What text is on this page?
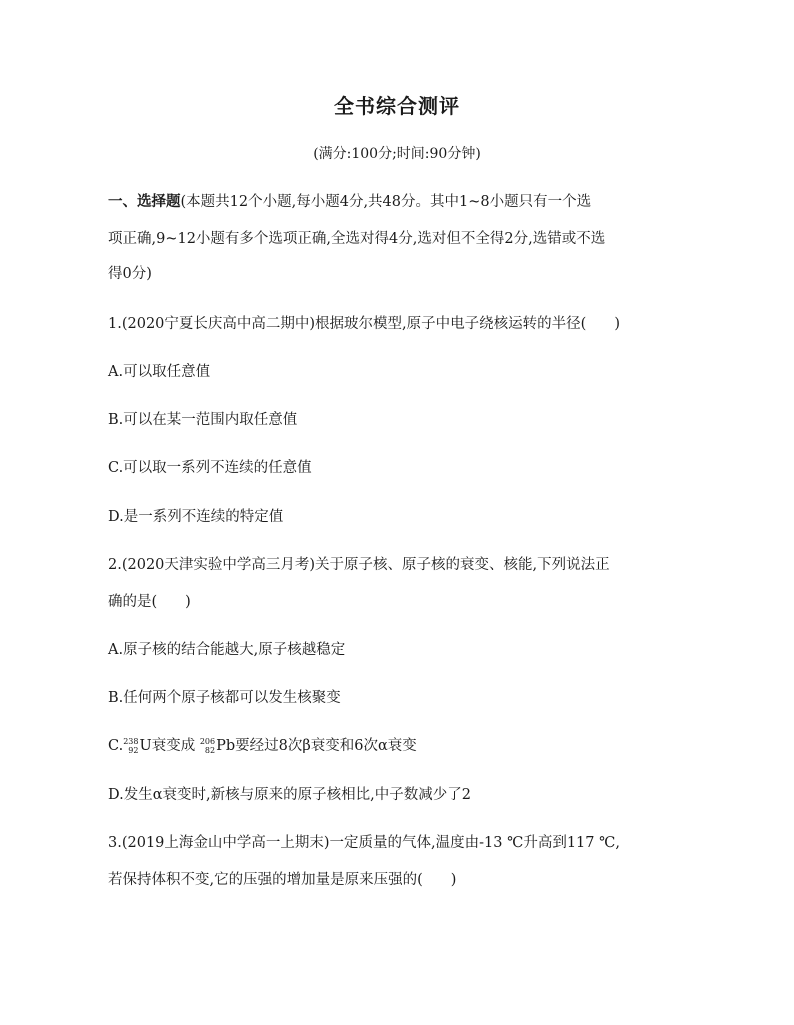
全书综合测评
(满分:100分;时间:90分钟)
一、选择题(本题共12个小题,每小题4分,共48分。其中1~8小题只有一个选
项正确,9~12小题有多个选项正确,全选对得4分,选对但不全得2分,选错或不选
得0分)
1.(2020宁夏长庆高中高二期中)根据玻尔模型,原子中电子绕核运转的半径( )
A.可以取任意值
B.可以在某一范围内取任意值
C.可以取一系列不连续的任意值
D.是一系列不连续的特定值
2.(2020天津实验中学高三月考)关于原子核、原子核的衰变、核能,下列说法正
确的是( )
A.原子核的结合能越大,原子核越稳定
B.任何两个原子核都可以发生核聚变
C. 238
92 U衰变成 206
82 Pb要经过8次β衰变和6次α衰变
D.发生α衰变时,新核与原来的原子核相比,中子数减少了2
3.(2019上海金山中学高一上期末)一定质量的气体,温度由-13 ℃升高到117 ℃,
若保持体积不变,它的压强的增加量是原来压强的( )
